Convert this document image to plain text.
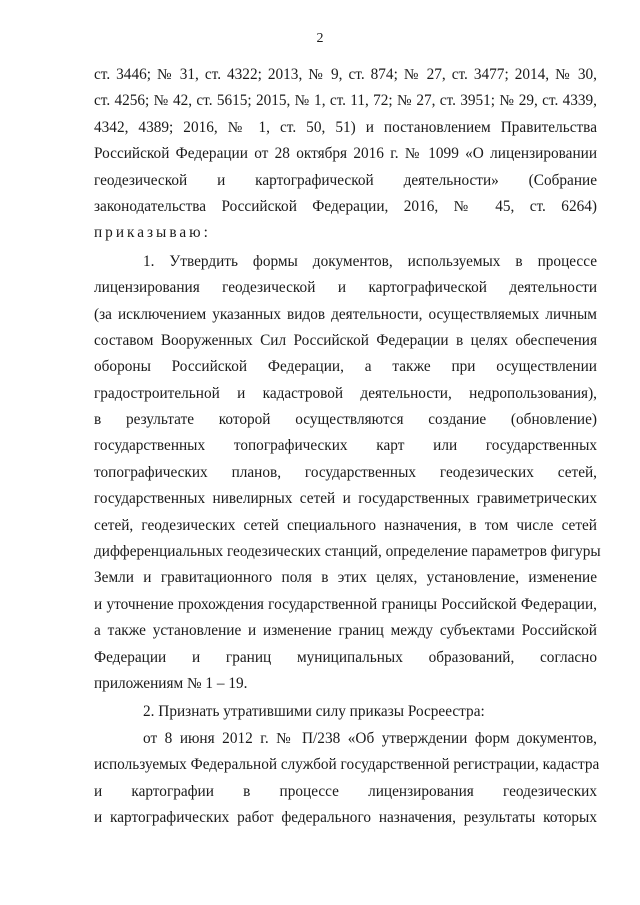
2
ст. 3446; № 31, ст. 4322; 2013, № 9, ст. 874; № 27, ст. 3477; 2014, № 30,
ст. 4256; № 42, ст. 5615; 2015, № 1, ст. 11, 72; № 27, ст. 3951; № 29, ст. 4339,
4342, 4389; 2016, № 1, ст. 50, 51) и постановлением Правительства
Российской Федерации от 28 октября 2016 г. № 1099 «О лицензировании
геодезической и картографической деятельности» (Собрание
законодательства Российской Федерации, 2016, № 45, ст. 6264)
приказываю:
1. Утвердить формы документов, используемых в процессе
лицензирования геодезической и картографической деятельности
(за исключением указанных видов деятельности, осуществляемых личным
составом Вооруженных Сил Российской Федерации в целях обеспечения
обороны Российской Федерации, а также при осуществлении
градостроительной и кадастровой деятельности, недропользования),
в результате которой осуществляются создание (обновление)
государственных топографических карт или государственных
топографических планов, государственных геодезических сетей,
государственных нивелирных сетей и государственных гравиметрических
сетей, геодезических сетей специального назначения, в том числе сетей
дифференциальных геодезических станций, определение параметров фигуры
Земли и гравитационного поля в этих целях, установление, изменение
и уточнение прохождения государственной границы Российской Федерации,
а также установление и изменение границ между субъектами Российской
Федерации и границ муниципальных образований, согласно
приложениям № 1 – 19.
2. Признать утратившими силу приказы Росреестра:
от 8 июня 2012 г. № П/238 «Об утверждении форм документов,
используемых Федеральной службой государственной регистрации, кадастра
и картографии в процессе лицензирования геодезических
и картографических работ федерального назначения, результаты которых
